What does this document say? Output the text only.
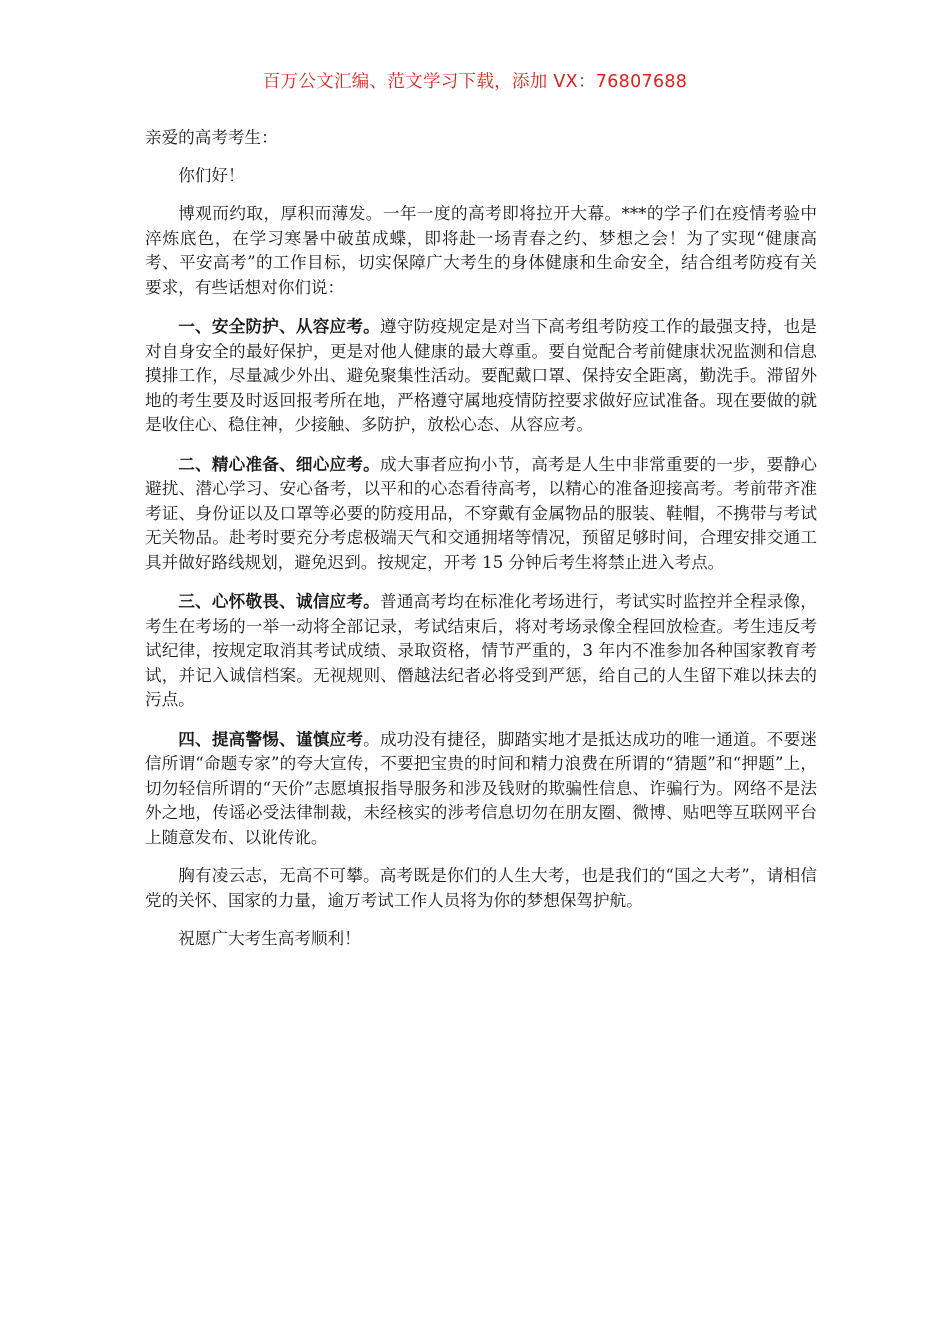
百万公文汇编、范文学习下载，添加 VX：76807688

亲爱的高考考生：

你们好！

博观而约取，厚积而薄发。一年一度的高考即将拉开大幕。***的学子们在疫情考验中淬炼底色，在学习寒暑中破茧成蝶，即将赴一场青春之约、梦想之会！为了实现“健康高考、平安高考”的工作目标，切实保障广大考生的身体健康和生命安全，结合组考防疫有关要求，有些话想对你们说：

一、安全防护、从容应考。遵守防疫规定是对当下高考组考防疫工作的最强支持，也是对自身安全的最好保护，更是对他人健康的最大尊重。要自觉配合考前健康状况监测和信息摸排工作，尽量减少外出、避免聚集性活动。要配戴口罩、保持安全距离，勤洗手。滞留外地的考生要及时返回报考所在地，严格遵守属地疫情防控要求做好应试准备。现在要做的就是收住心、稳住神，少接触、多防护，放松心态、从容应考。

二、精心准备、细心应考。成大事者应拘小节，高考是人生中非常重要的一步，要静心避扰、潜心学习、安心备考，以平和的心态看待高考，以精心的准备迎接高考。考前带齐准考证、身份证以及口罩等必要的防疫用品，不穿戴有金属物品的服装、鞋帽，不携带与考试无关物品。赴考时要充分考虑极端天气和交通拥堵等情况，预留足够时间，合理安排交通工具并做好路线规划，避免迟到。按规定，开考 15 分钟后考生将禁止进入考点。

三、心怀敬畏、诚信应考。普通高考均在标准化考场进行，考试实时监控并全程录像，考生在考场的一举一动将全部记录，考试结束后，将对考场录像全程回放检查。考生违反考试纪律，按规定取消其考试成绩、录取资格，情节严重的，3 年内不准参加各种国家教育考试，并记入诚信档案。无视规则、僭越法纪者必将受到严惩，给自己的人生留下难以抹去的污点。

四、提高警惕、谨慎应考。成功没有捷径，脚踏实地才是抵达成功的唯一通道。不要迷信所谓“命题专家”的夸大宣传，不要把宝贵的时间和精力浪费在所谓的“猜题”和“押题”上，切勿轻信所谓的“天价”志愿填报指导服务和涉及钱财的欺骗性信息、诈骗行为。网络不是法外之地，传谣必受法律制裁，未经核实的涉考信息切勿在朋友圈、微博、贴吧等互联网平台上随意发布、以讹传讹。

胸有凌云志，无高不可攀。高考既是你们的人生大考，也是我们的“国之大考”，请相信党的关怀、国家的力量，逾万考试工作人员将为你的梦想保驾护航。

祝愿广大考生高考顺利！
